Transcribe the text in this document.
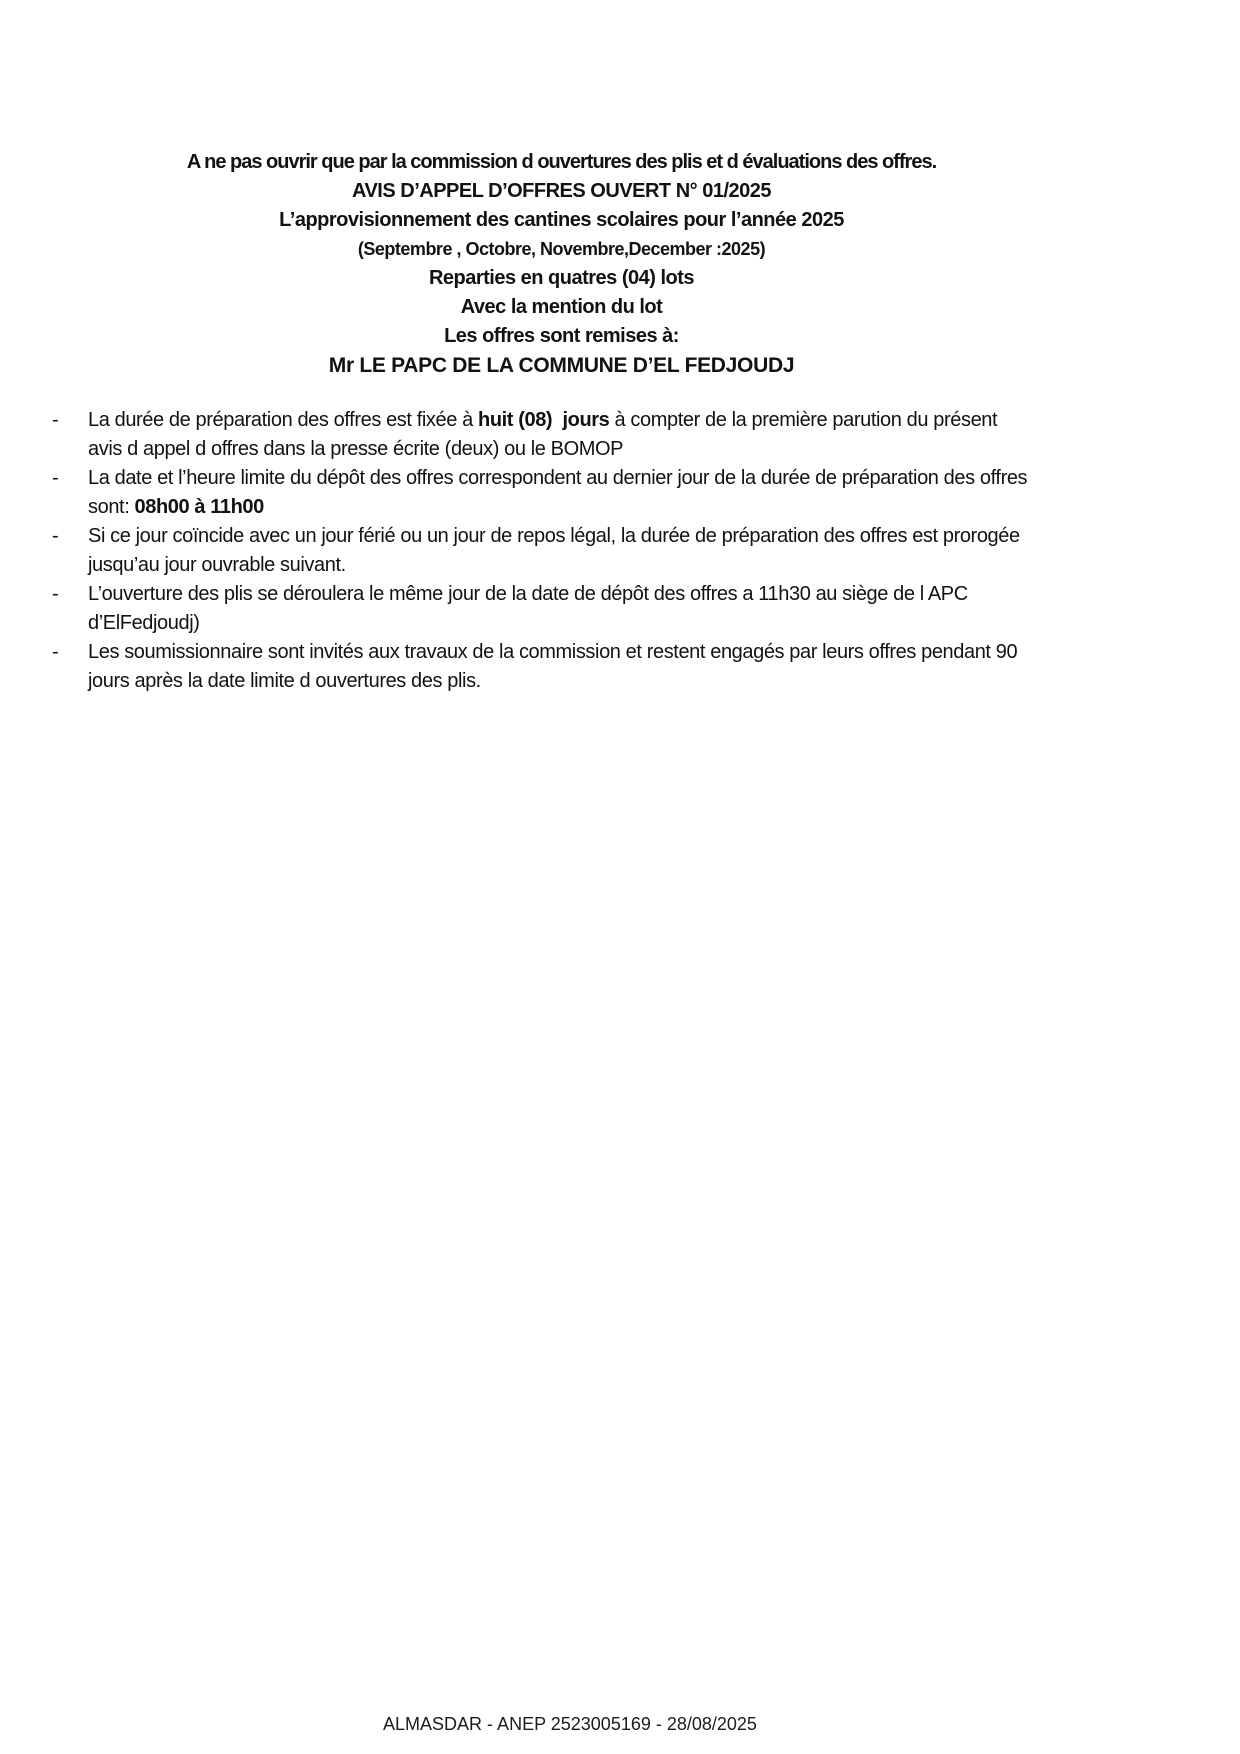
A ne pas ouvrir que par la commission d ouvertures des plis et d évaluations des offres.
AVIS D’APPEL D’OFFRES OUVERT N° 01/2025
L’approvisionnement des cantines scolaires pour l’année 2025
(Septembre , Octobre, Novembre,December :2025)
Reparties en quatres (04) lots
Avec la mention du lot
Les offres sont remises à:
Mr LE PAPC DE LA COMMUNE D’EL FEDJOUDJ
-	La durée de préparation des offres est fixée à huit (08)  jours à compter de la première parution du présent avis d appel d offres dans la presse écrite (deux) ou le BOMOP
-	La date et l’heure limite du dépôt des offres correspondent au dernier jour de la durée de préparation des offres sont: 08h00 à 11h00
-	Si ce jour coïncide avec un jour férié ou un jour de repos légal, la durée de préparation des offres est prorogée jusqu’au jour ouvrable suivant.
-	L’ouverture des plis se déroulera le même jour de la date de dépôt des offres a 11h30 au siège de l APC d’ElFedjoudj)
-	Les soumissionnaire sont invités aux travaux de la commission et restent engagés par leurs offres pendant 90 jours après la date limite d ouvertures des plis.
ALMASDAR - ANEP 2523005169 - 28/08/2025
